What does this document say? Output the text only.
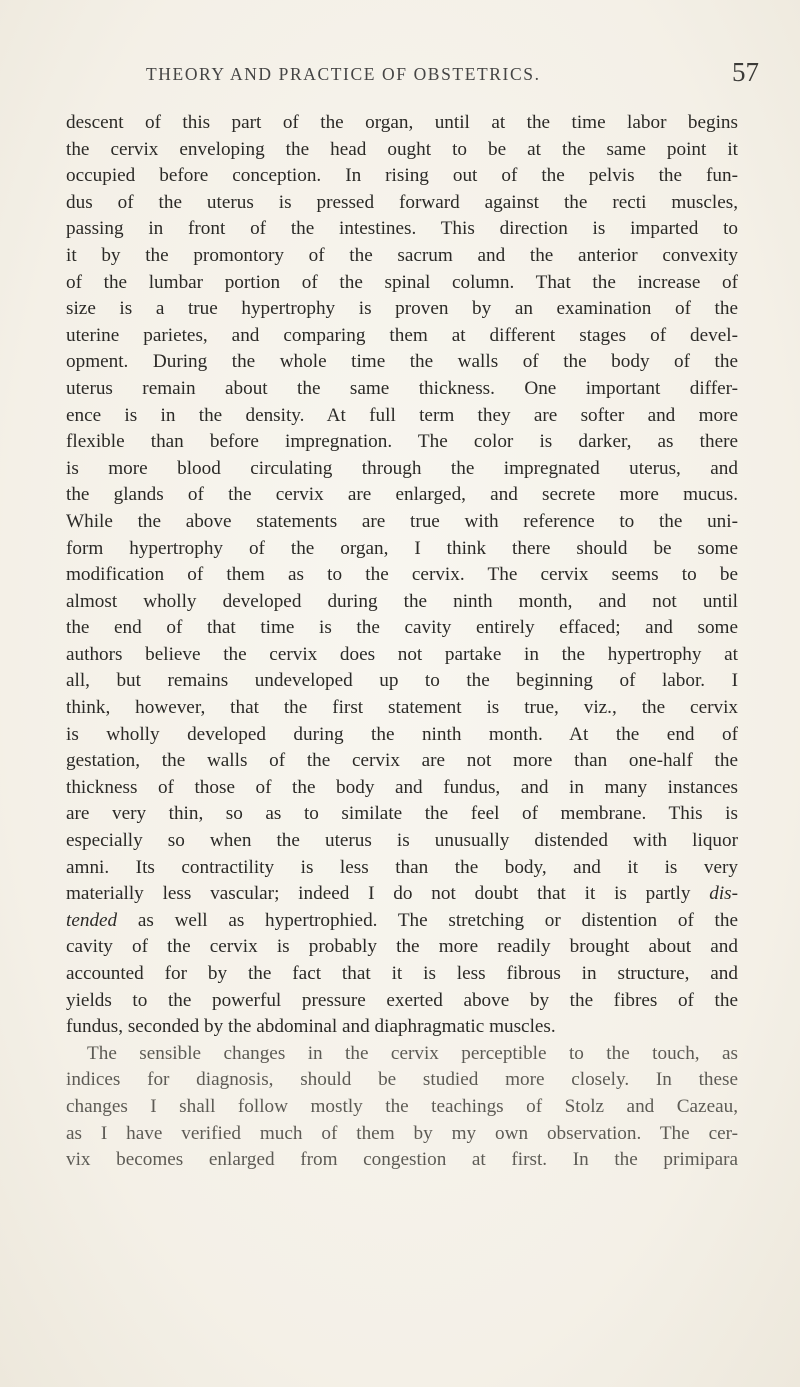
THEORY AND PRACTICE OF OBSTETRICS.	57
descent of this part of the organ, until at the time labor begins
the cervix enveloping the head ought to be at the same point it
occupied before conception. In rising out of the pelvis the fun-
dus of the uterus is pressed forward against the recti muscles,
passing in front of the intestines. This direction is imparted to
it by the promontory of the sacrum and the anterior convexity
of the lumbar portion of the spinal column. That the increase of
size is a true hypertrophy is proven by an examination of the
uterine parietes, and comparing them at different stages of devel-
opment. During the whole time the walls of the body of the
uterus remain about the same thickness. One important differ-
ence is in the density. At full term they are softer and more
flexible than before impregnation. The color is darker, as there
is more blood circulating through the impregnated uterus, and
the glands of the cervix are enlarged, and secrete more mucus.
While the above statements are true with reference to the uni-
form hypertrophy of the organ, I think there should be some
modification of them as to the cervix. The cervix seems to be
almost wholly developed during the ninth month, and not until
the end of that time is the cavity entirely effaced; and some
authors believe the cervix does not partake in the hypertrophy at
all, but remains undeveloped up to the beginning of labor. I
think, however, that the first statement is true, viz., the cervix
is wholly developed during the ninth month. At the end of
gestation, the walls of the cervix are not more than one-half the
thickness of those of the body and fundus, and in many instances
are very thin, so as to similate the feel of membrane. This is
especially so when the uterus is unusually distended with liquor
amni. Its contractility is less than the body, and it is very
materially less vascular; indeed I do not doubt that it is partly dis-
tended as well as hypertrophied. The stretching or distention of the
cavity of the cervix is probably the more readily brought about and
accounted for by the fact that it is less fibrous in structure, and
yields to the powerful pressure exerted above by the fibres of the
fundus, seconded by the abdominal and diaphragmatic muscles.
The sensible changes in the cervix perceptible to the touch, as
indices for diagnosis, should be studied more closely. In these
changes I shall follow mostly the teachings of Stolz and Cazeau,
as I have verified much of them by my own observation. The cer-
vix becomes enlarged from congestion at first. In the primipara
